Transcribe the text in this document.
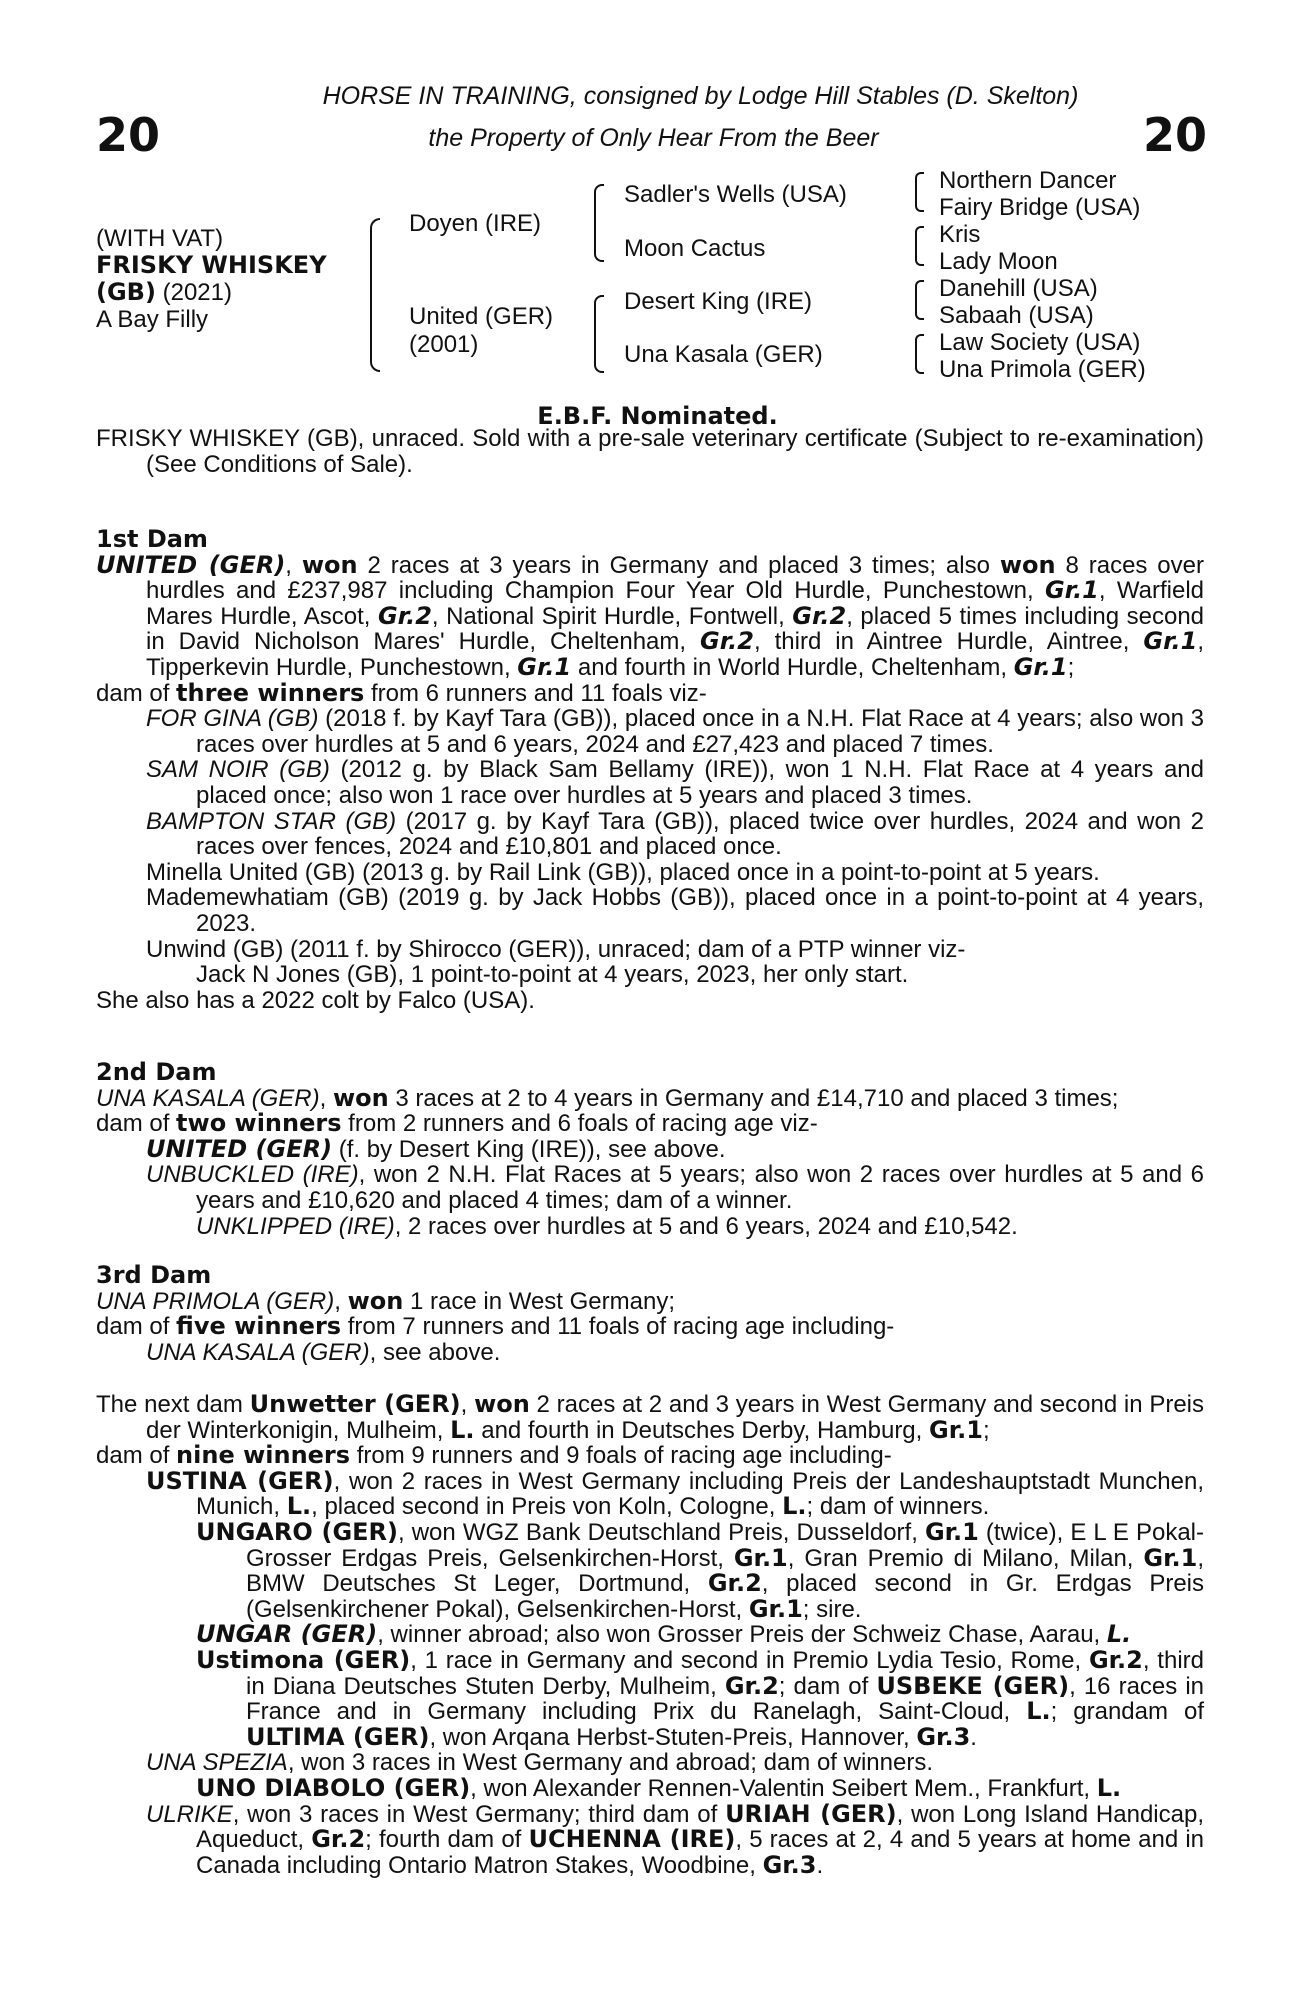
20	20
HORSE IN TRAINING, consigned by Lodge Hill Stables (D. Skelton)
the Property of Only Hear From the Beer
(WITH VAT)
FRISKY WHISKEY
(GB) (2021)
A Bay Filly
Doyen (IRE)
United (GER)
(2001)
Sadler's Wells (USA)
Moon Cactus
Desert King (IRE)
Una Kasala (GER)
Northern Dancer
Fairy Bridge (USA)
Kris
Lady Moon
Danehill (USA)
Sabaah (USA)
Law Society (USA)
Una Primola (GER)
E.B.F. Nominated.

FRISKY WHISKEY (GB), unraced. Sold with a pre-sale veterinary certificate (Subject to re-examination) (See Conditions of Sale).

1st Dam

UNITED (GER), won 2 races at 3 years in Germany and placed 3 times; also won 8 races over hurdles and £237,987 including Champion Four Year Old Hurdle, Punchestown, Gr.1, Warfield Mares Hurdle, Ascot, Gr.2, National Spirit Hurdle, Fontwell, Gr.2, placed 5 times including second in David Nicholson Mares' Hurdle, Cheltenham, Gr.2, third in Aintree Hurdle, Aintree, Gr.1, Tipperkevin Hurdle, Punchestown, Gr.1 and fourth in World Hurdle, Cheltenham, Gr.1;

dam of three winners from 6 runners and 11 foals viz-

FOR GINA (GB) (2018 f. by Kayf Tara (GB)), placed once in a N.H. Flat Race at 4 years; also won 3 races over hurdles at 5 and 6 years, 2024 and £27,423 and placed 7 times.

SAM NOIR (GB) (2012 g. by Black Sam Bellamy (IRE)), won 1 N.H. Flat Race at 4 years and placed once; also won 1 race over hurdles at 5 years and placed 3 times.

BAMPTON STAR (GB) (2017 g. by Kayf Tara (GB)), placed twice over hurdles, 2024 and won 2 races over fences, 2024 and £10,801 and placed once.

Minella United (GB) (2013 g. by Rail Link (GB)), placed once in a point-to-point at 5 years.

Mademewhatiam (GB) (2019 g. by Jack Hobbs (GB)), placed once in a point-to-point at 4 years, 2023.

Unwind (GB) (2011 f. by Shirocco (GER)), unraced; dam of a PTP winner viz-

Jack N Jones (GB), 1 point-to-point at 4 years, 2023, her only start.

She also has a 2022 colt by Falco (USA).

2nd Dam

UNA KASALA (GER), won 3 races at 2 to 4 years in Germany and £14,710 and placed 3 times;

dam of two winners from 2 runners and 6 foals of racing age viz-

UNITED (GER) (f. by Desert King (IRE)), see above.

UNBUCKLED (IRE), won 2 N.H. Flat Races at 5 years; also won 2 races over hurdles at 5 and 6 years and £10,620 and placed 4 times; dam of a winner.

UNKLIPPED (IRE), 2 races over hurdles at 5 and 6 years, 2024 and £10,542.

3rd Dam

UNA PRIMOLA (GER), won 1 race in West Germany;

dam of five winners from 7 runners and 11 foals of racing age including-

UNA KASALA (GER), see above.

The next dam Unwetter (GER), won 2 races at 2 and 3 years in West Germany and second in Preis der Winterkonigin, Mulheim, L. and fourth in Deutsches Derby, Hamburg, Gr.1;

dam of nine winners from 9 runners and 9 foals of racing age including-

USTINA (GER), won 2 races in West Germany including Preis der Landeshauptstadt Munchen, Munich, L., placed second in Preis von Koln, Cologne, L.; dam of winners.

UNGARO (GER), won WGZ Bank Deutschland Preis, Dusseldorf, Gr.1 (twice), E L E Pokal-Grosser Erdgas Preis, Gelsenkirchen-Horst, Gr.1, Gran Premio di Milano, Milan, Gr.1, BMW Deutsches St Leger, Dortmund, Gr.2, placed second in Gr. Erdgas Preis (Gelsenkirchener Pokal), Gelsenkirchen-Horst, Gr.1; sire.

UNGAR (GER), winner abroad; also won Grosser Preis der Schweiz Chase, Aarau, L.

Ustimona (GER), 1 race in Germany and second in Premio Lydia Tesio, Rome, Gr.2, third in Diana Deutsches Stuten Derby, Mulheim, Gr.2; dam of USBEKE (GER), 16 races in France and in Germany including Prix du Ranelagh, Saint-Cloud, L.; grandam of ULTIMA (GER), won Arqana Herbst-Stuten-Preis, Hannover, Gr.3.

UNA SPEZIA, won 3 races in West Germany and abroad; dam of winners.

UNO DIABOLO (GER), won Alexander Rennen-Valentin Seibert Mem., Frankfurt, L.

ULRIKE, won 3 races in West Germany; third dam of URIAH (GER), won Long Island Handicap, Aqueduct, Gr.2; fourth dam of UCHENNA (IRE), 5 races at 2, 4 and 5 years at home and in Canada including Ontario Matron Stakes, Woodbine, Gr.3.
